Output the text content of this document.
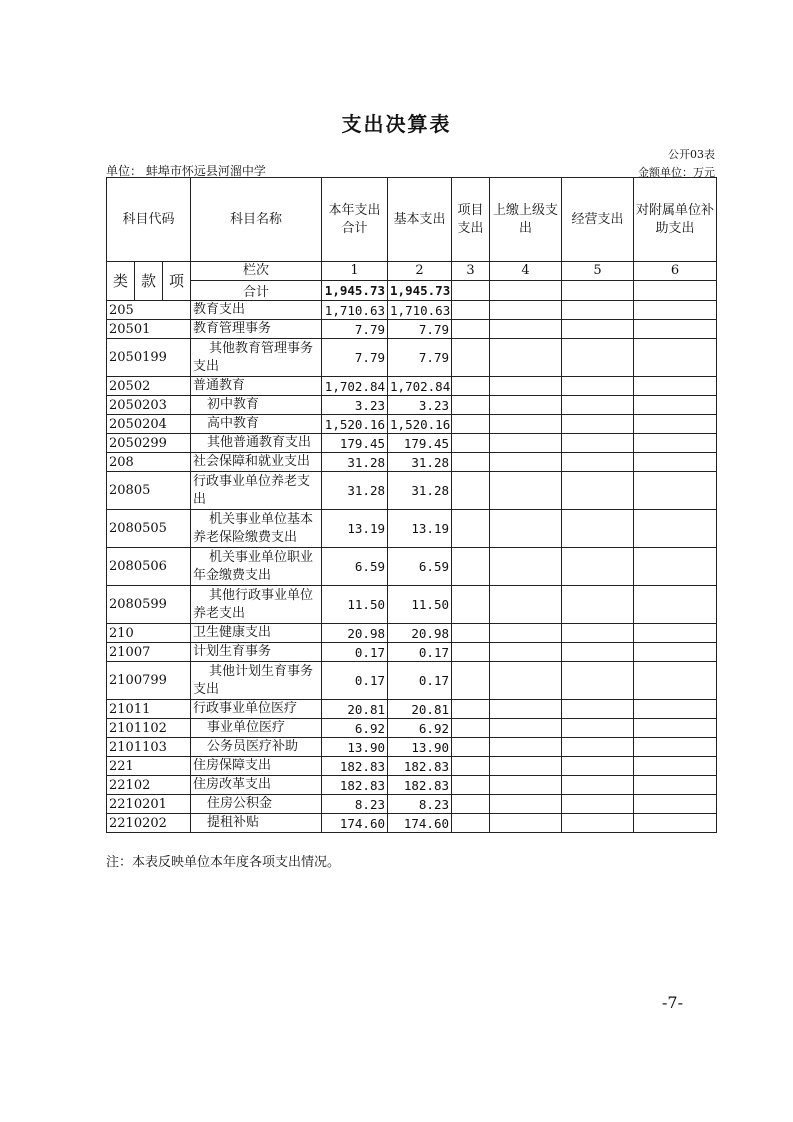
支出决算表
公开03表
单位： 蚌埠市怀远县河溜中学	金额单位：万元
科目代码			科目名称	本年支出合计	基本支出	项目支出	上缴上级支出	经营支出	对附属单位补助支出
类	款	项	栏次	1	2	3	4	5	6
			合计	1,945.73	1,945.73				
205			教育支出	1,710.63	1,710.63				
20501			教育管理事务	7.79	7.79				
2050199			其他教育管理事务支出	7.79	7.79				
20502			普通教育	1,702.84	1,702.84				
2050203			初中教育	3.23	3.23				
2050204			高中教育	1,520.16	1,520.16				
2050299			其他普通教育支出	179.45	179.45				
208			社会保障和就业支出	31.28	31.28				
20805			行政事业单位养老支出	31.28	31.28				
2080505			机关事业单位基本养老保险缴费支出	13.19	13.19				
2080506			机关事业单位职业年金缴费支出	6.59	6.59				
2080599			其他行政事业单位养老支出	11.50	11.50				
210			卫生健康支出	20.98	20.98				
21007			计划生育事务	0.17	0.17				
2100799			其他计划生育事务支出	0.17	0.17				
21011			行政事业单位医疗	20.81	20.81				
2101102			事业单位医疗	6.92	6.92				
2101103			公务员医疗补助	13.90	13.90				
221			住房保障支出	182.83	182.83				
22102			住房改革支出	182.83	182.83				
2210201			住房公积金	8.23	8.23				
2210202			提租补贴	174.60	174.60				
注：本表反映单位本年度各项支出情况。
-7-
